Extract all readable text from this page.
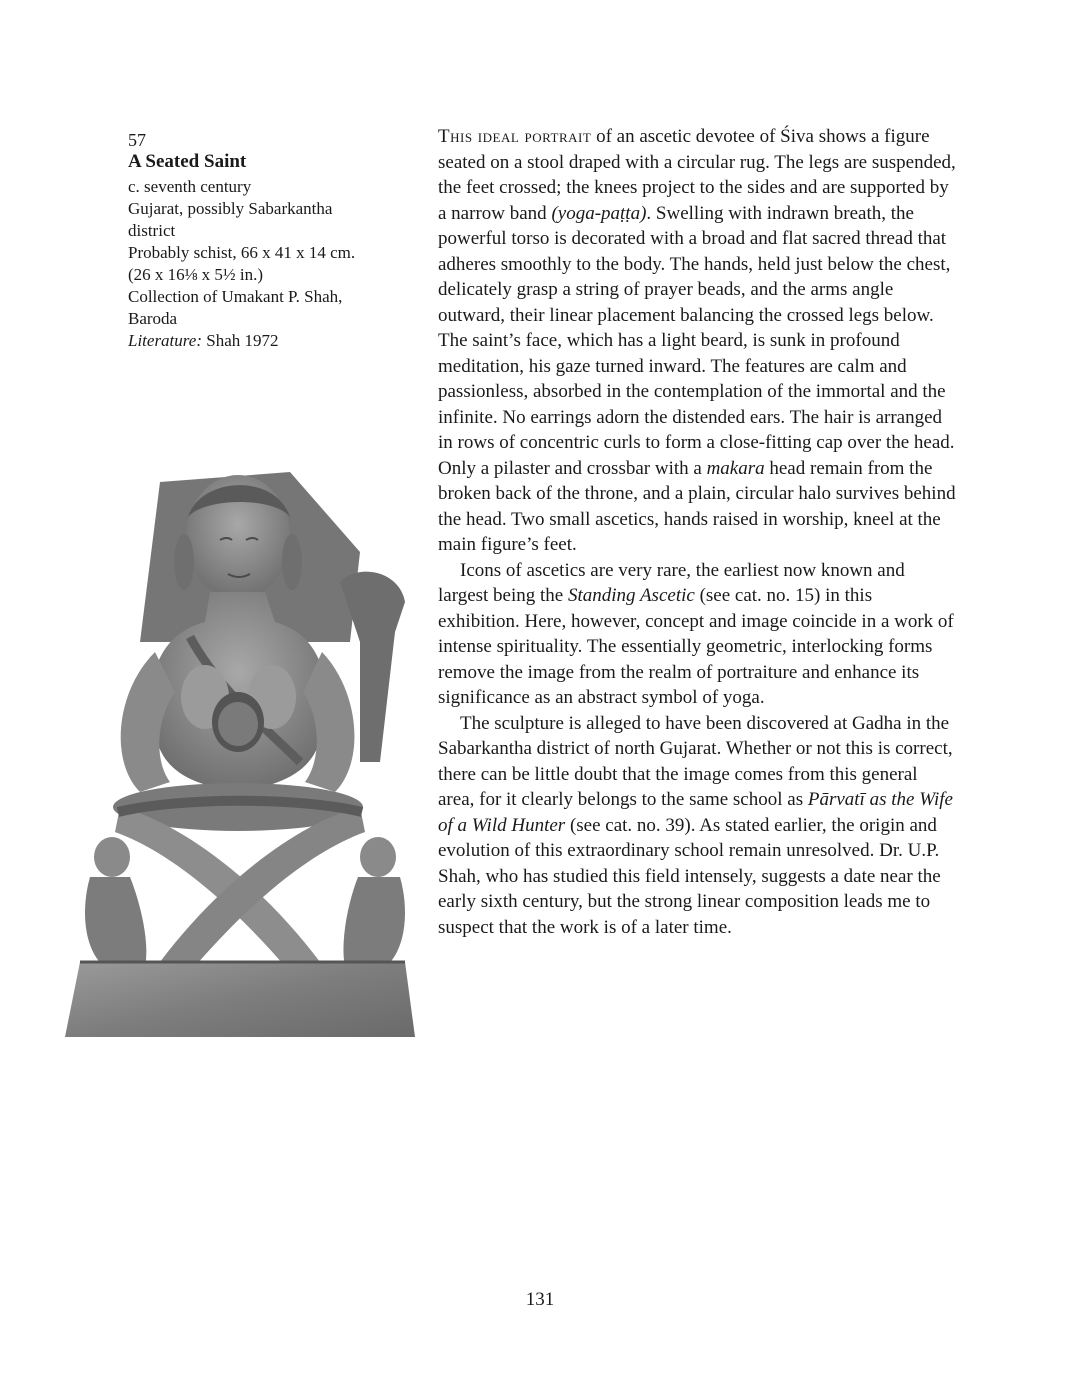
57
A Seated Saint
c. seventh century
Gujarat, possibly Sabarkantha
district
Probably schist, 66 x 41 x 14 cm.
(26 x 16⅛ x 5½ in.)
Collection of Umakant P. Shah,
Baroda
Literature: Shah 1972

This ideal portrait of an ascetic devotee of Śiva shows a figure seated on a stool draped with a circular rug. The legs are suspended, the feet crossed; the knees project to the sides and are supported by a narrow band (yoga-paṭṭa). Swelling with indrawn breath, the powerful torso is decorated with a broad and flat sacred thread that adheres smoothly to the body. The hands, held just below the chest, delicately grasp a string of prayer beads, and the arms angle outward, their linear placement balancing the crossed legs below. The saint’s face, which has a light beard, is sunk in profound meditation, his gaze turned inward. The features are calm and passionless, absorbed in the contemplation of the immortal and the infinite. No earrings adorn the distended ears. The hair is arranged in rows of concentric curls to form a close-fitting cap over the head. Only a pilaster and crossbar with a makara head remain from the broken back of the throne, and a plain, circular halo survives behind the head. Two small ascetics, hands raised in worship, kneel at the main figure’s feet.

Icons of ascetics are very rare, the earliest now known and largest being the Standing Ascetic (see cat. no. 15) in this exhibition. Here, however, concept and image coincide in a work of intense spirituality. The essentially geometric, interlocking forms remove the image from the realm of portraiture and enhance its significance as an abstract symbol of yoga.

The sculpture is alleged to have been discovered at Gadha in the Sabarkantha district of north Gujarat. Whether or not this is correct, there can be little doubt that the image comes from this general area, for it clearly belongs to the same school as Pārvatī as the Wife of a Wild Hunter (see cat. no. 39). As stated earlier, the origin and evolution of this extraordinary school remain unresolved. Dr. U.P. Shah, who has studied this field intensely, suggests a date near the early sixth century, but the strong linear composition leads me to suspect that the work is of a later time.

131
